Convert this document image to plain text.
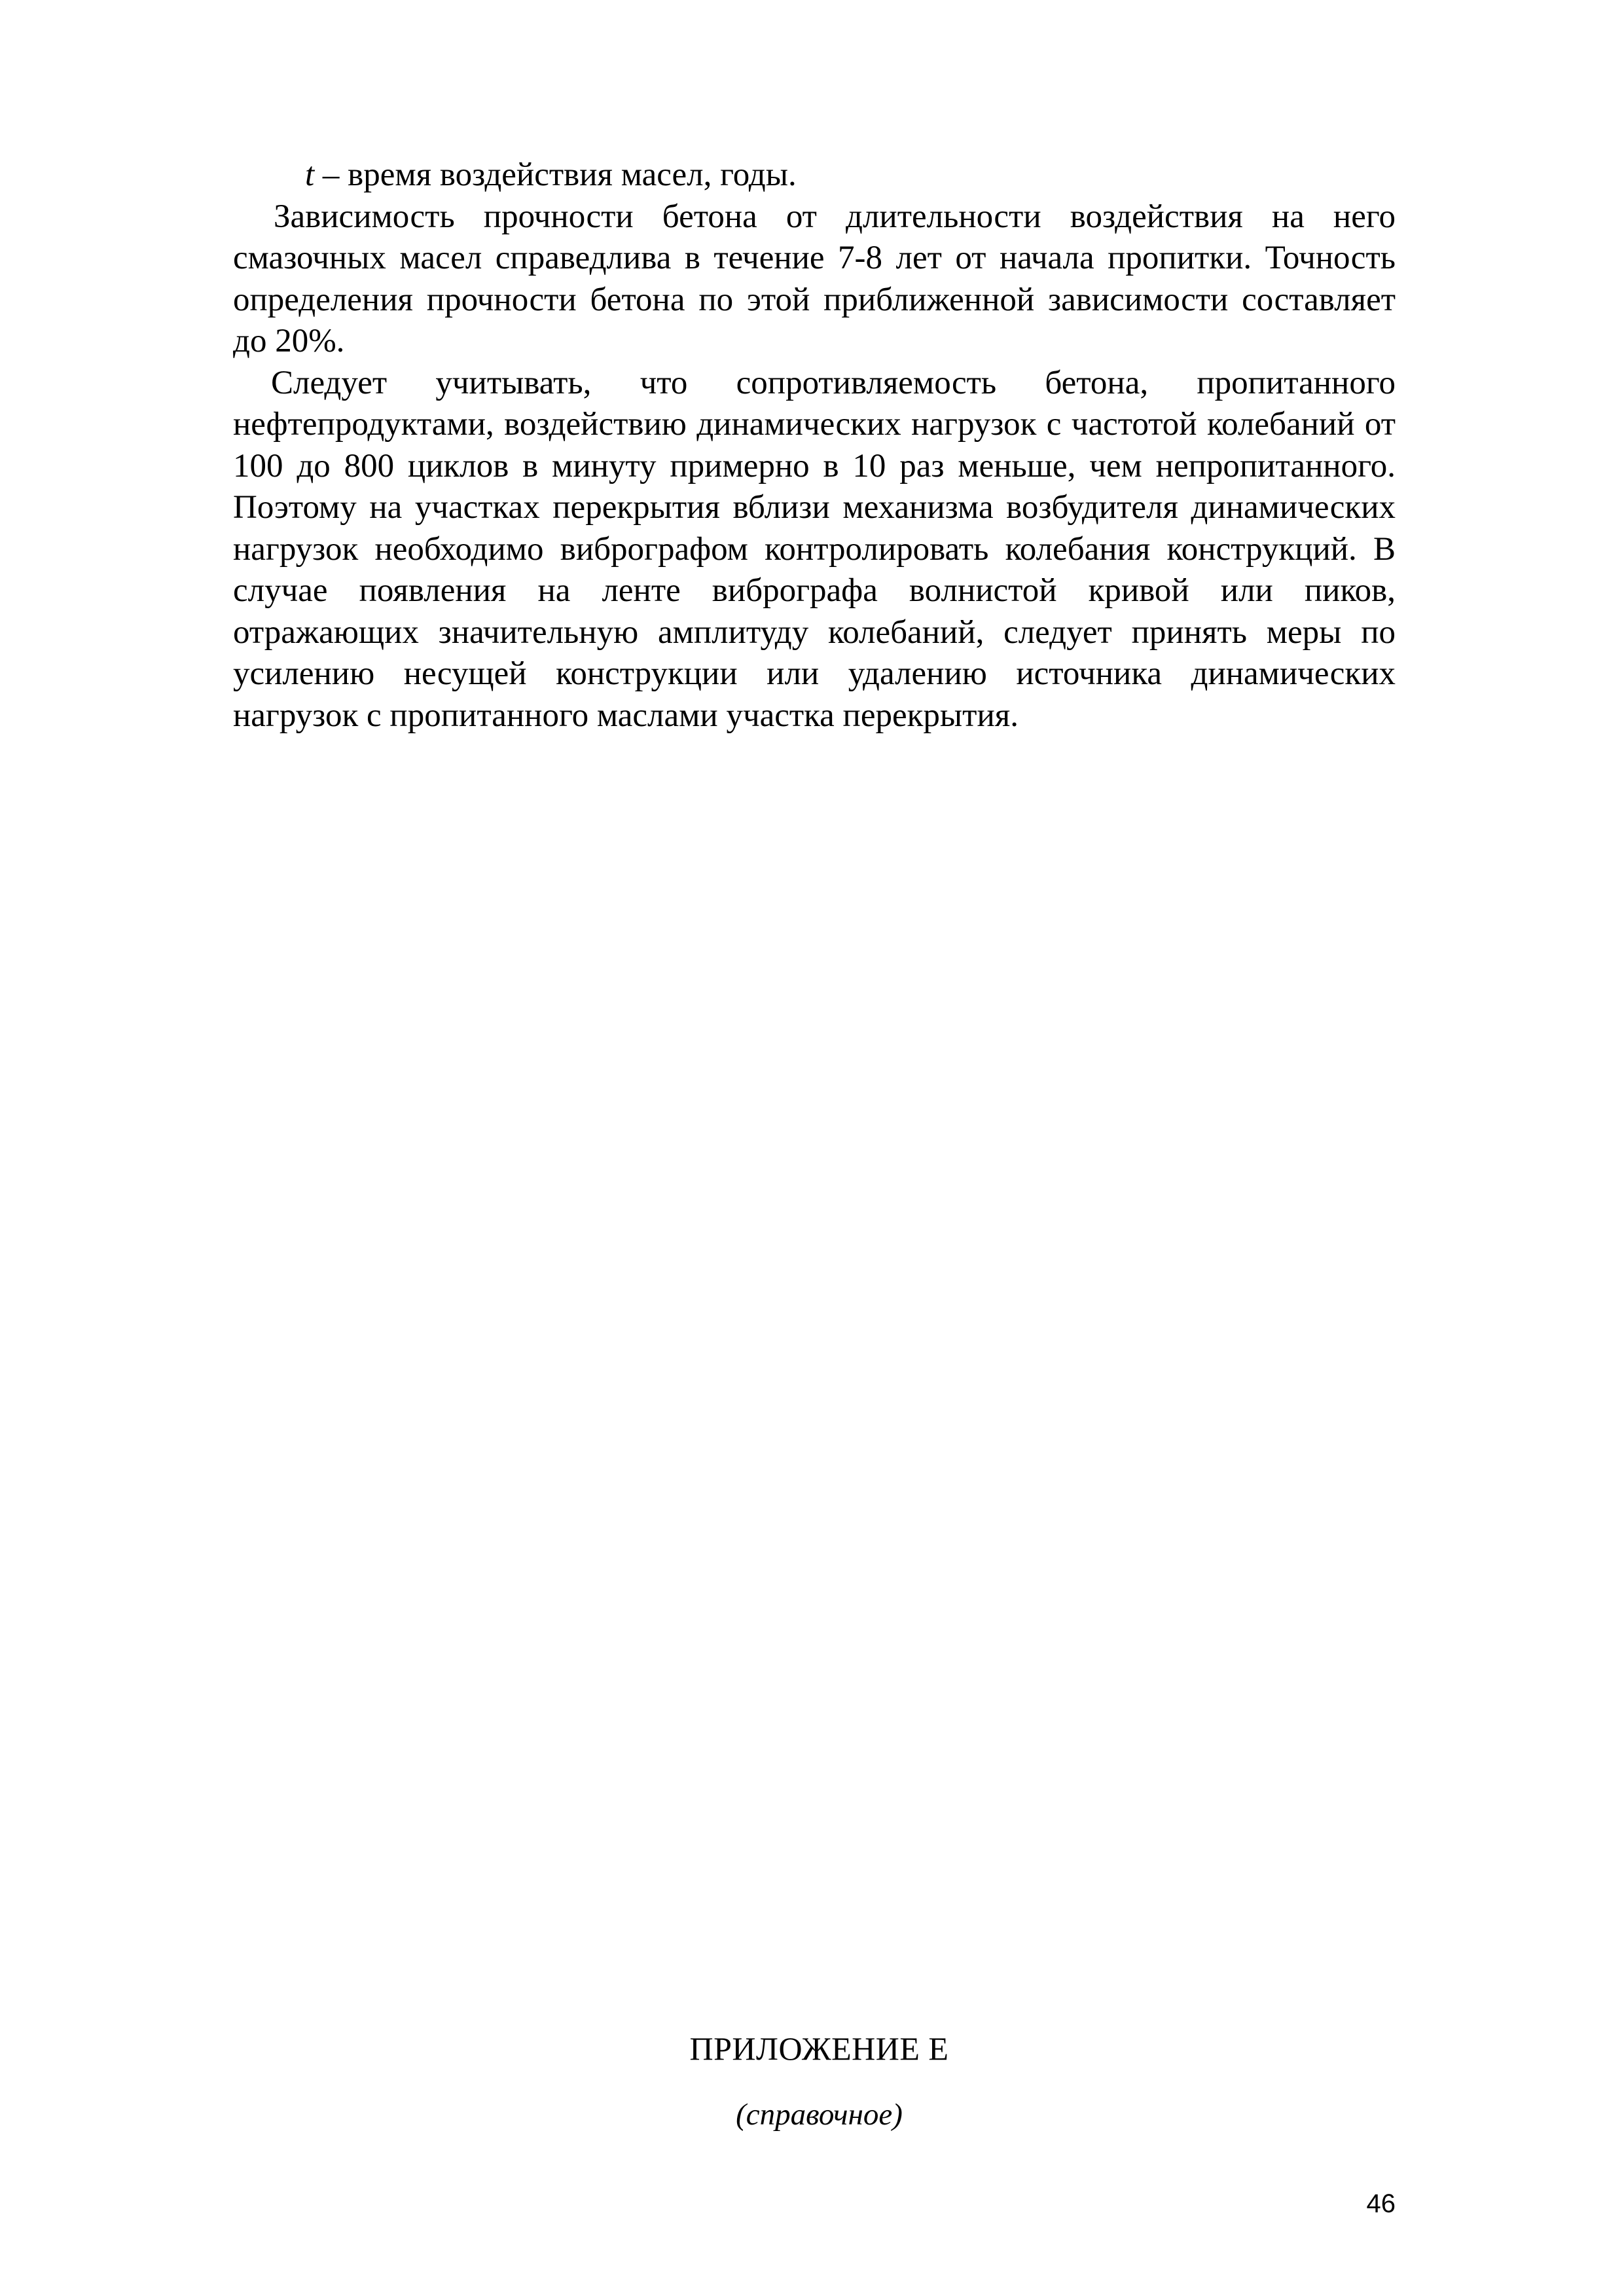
t – время воздействия масел, годы.

Зависимость прочности бетона от длительности воздействия на него смазочных масел справедлива в течение 7-8 лет от начала пропитки. Точность определения прочности бетона по этой приближенной зависимости составляет до 20%.

Следует учитывать, что сопротивляемость бетона, пропитанного нефтепродуктами, воздействию динамических нагрузок с частотой колебаний от 100 до 800 циклов в минуту примерно в 10 раз меньше, чем непропитанного. Поэтому на участках перекрытия вблизи механизма возбудителя динамических нагрузок необходимо вибрографом контролировать колебания конструкций. В случае появления на ленте вибрографа волнистой кривой или пиков, отражающих значительную амплитуду колебаний, следует принять меры по усилению несущей конструкции или удалению источника динамических нагрузок с пропитанного маслами участка перекрытия.

ПРИЛОЖЕНИЕ Е
(справочное)
46
